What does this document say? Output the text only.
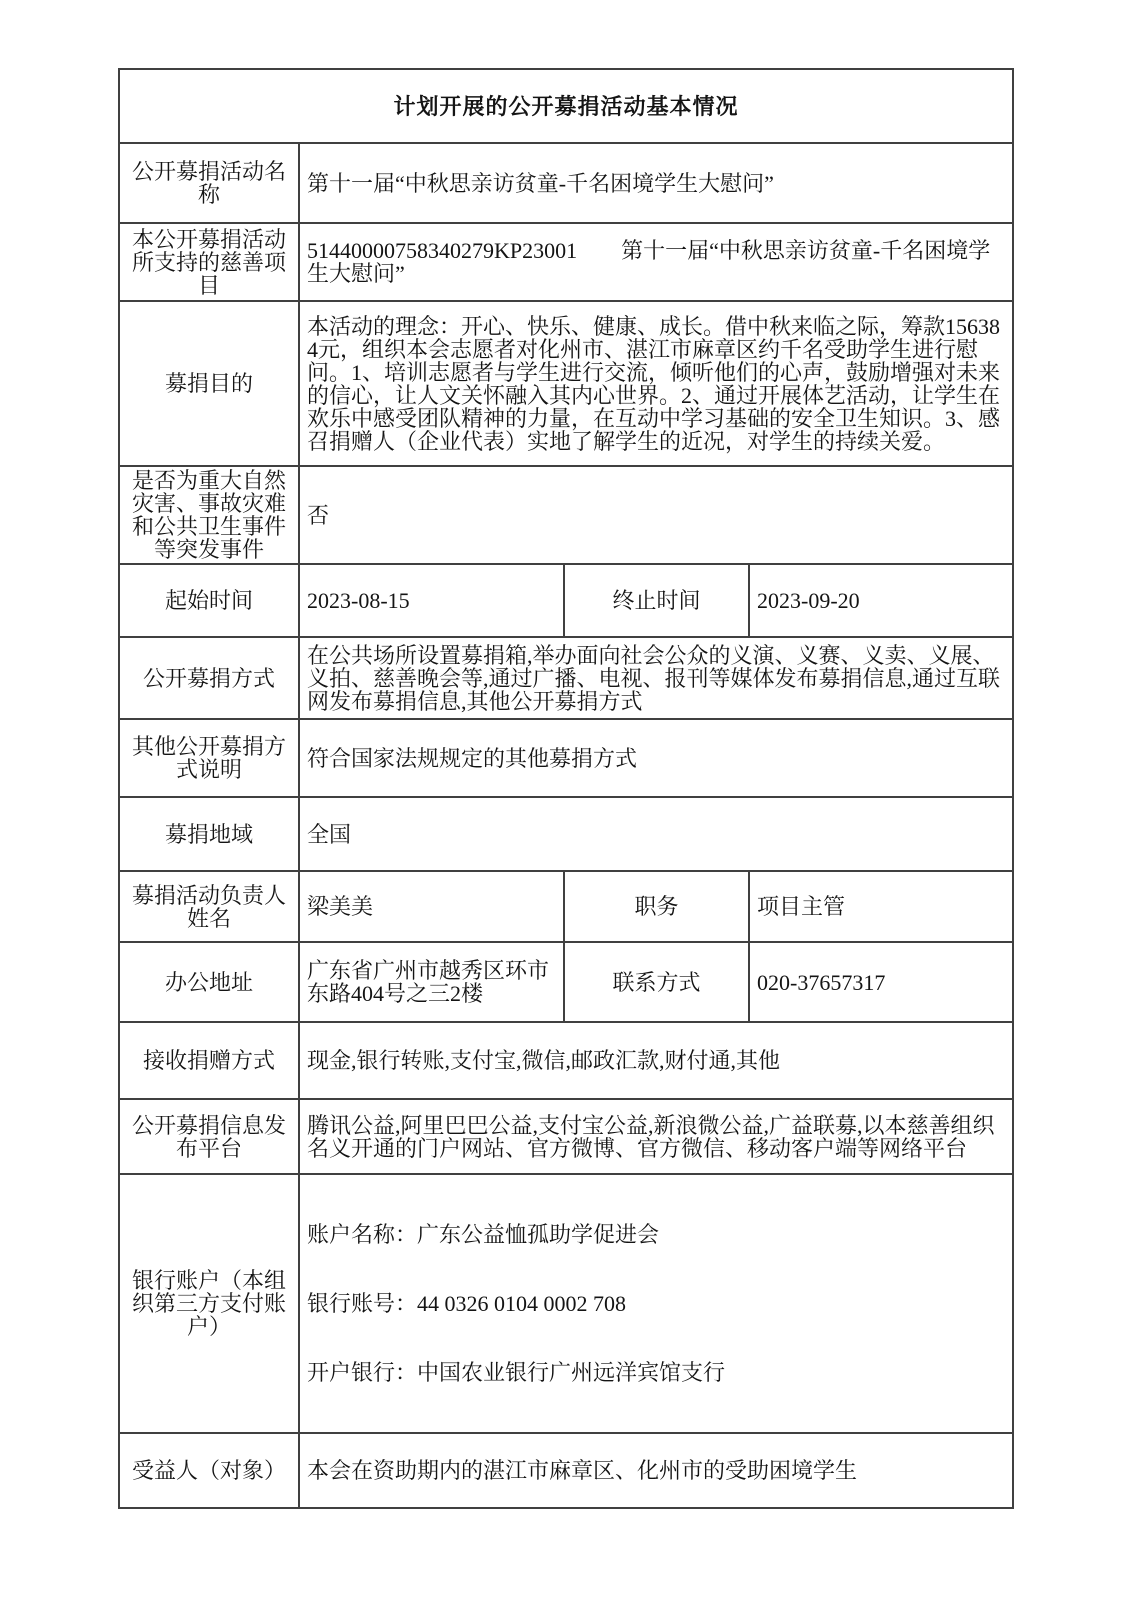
计划开展的公开募捐活动基本情况			
公开募捐活动名称	第十一届“中秋思亲访贫童-千名困境学生大慰问”		
本公开募捐活动所支持的慈善项目	51440000758340279KP23001　　第十一届“中秋思亲访贫童-千名困境学生大慰问”		
募捐目的	本活动的理念：开心、快乐、健康、成长。借中秋来临之际，筹款156384元，组织本会志愿者对化州市、湛江市麻章区约千名受助学生进行慰问。1、培训志愿者与学生进行交流，倾听他们的心声，鼓励增强对未来的信心，让人文关怀融入其内心世界。2、通过开展体艺活动，让学生在欢乐中感受团队精神的力量，在互动中学习基础的安全卫生知识。3、感召捐赠人（企业代表）实地了解学生的近况，对学生的持续关爱。		
是否为重大自然灾害、事故灾难和公共卫生事件等突发事件	否		
起始时间	2023-08-15	终止时间	2023-09-20
公开募捐方式	在公共场所设置募捐箱,举办面向社会公众的义演、义赛、义卖、义展、义拍、慈善晚会等,通过广播、电视、报刊等媒体发布募捐信息,通过互联网发布募捐信息,其他公开募捐方式		
其他公开募捐方式说明	符合国家法规规定的其他募捐方式		
募捐地域	全国		
募捐活动负责人姓名	梁美美	职务	项目主管
办公地址	广东省广州市越秀区环市东路404号之三2楼	联系方式	020-37657317
接收捐赠方式	现金,银行转账,支付宝,微信,邮政汇款,财付通,其他		
公开募捐信息发布平台	腾讯公益,阿里巴巴公益,支付宝公益,新浪微公益,广益联募,以本慈善组织名义开通的门户网站、官方微博、官方微信、移动客户端等网络平台		
银行账户（本组织第三方支付账户）	账户名称：广东公益恤孤助学促进会

银行账号：44 0326 0104 0002 708

开户银行：中国农业银行广州远洋宾馆支行		

受益人（对象）	本会在资助期内的湛江市麻章区、化州市的受助困境学生		
